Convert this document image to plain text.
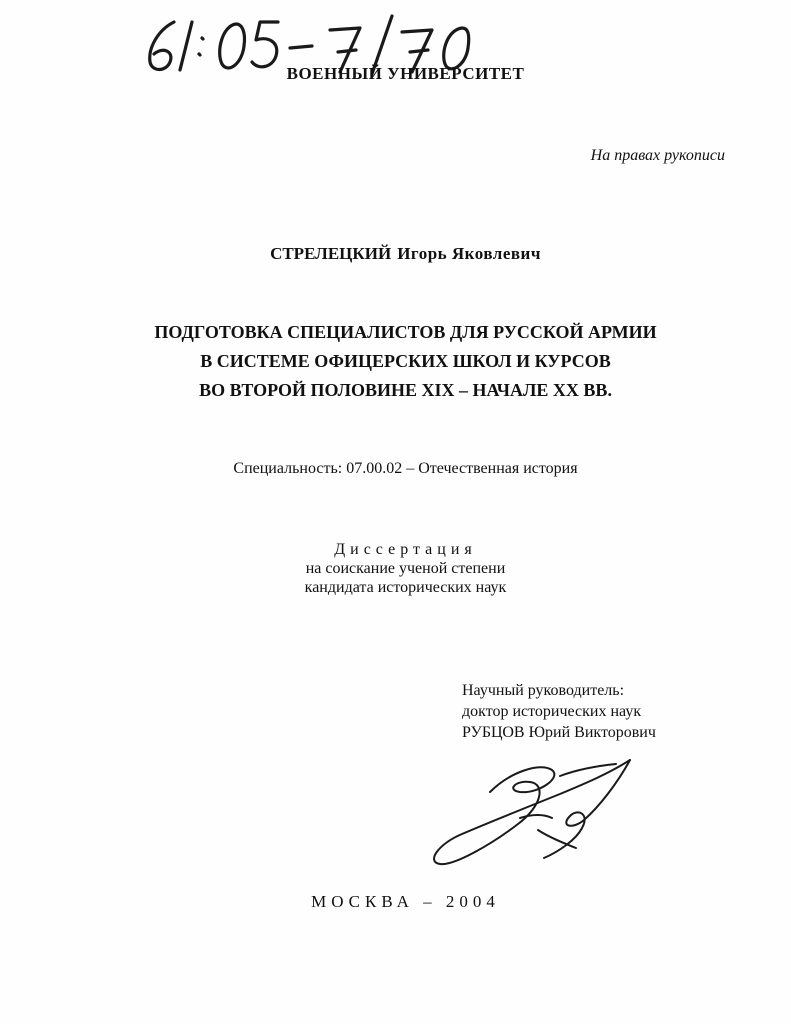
ВОЕННЫЙ УНИВЕРСИТЕТ
На правах рукописи
СТРЕЛЕЦКИЙ Игорь Яковлевич
ПОДГОТОВКА СПЕЦИАЛИСТОВ ДЛЯ РУССКОЙ АРМИИ
В СИСТЕМЕ ОФИЦЕРСКИХ ШКОЛ И КУРСОВ
ВО ВТОРОЙ ПОЛОВИНЕ XIX – НАЧАЛЕ XX ВВ.
Специальность: 07.00.02 – Отечественная история
Диссертация
на соискание ученой степени
кандидата исторических наук
Научный руководитель:
доктор исторических наук
РУБЦОВ Юрий Викторович
МОСКВА – 2004
